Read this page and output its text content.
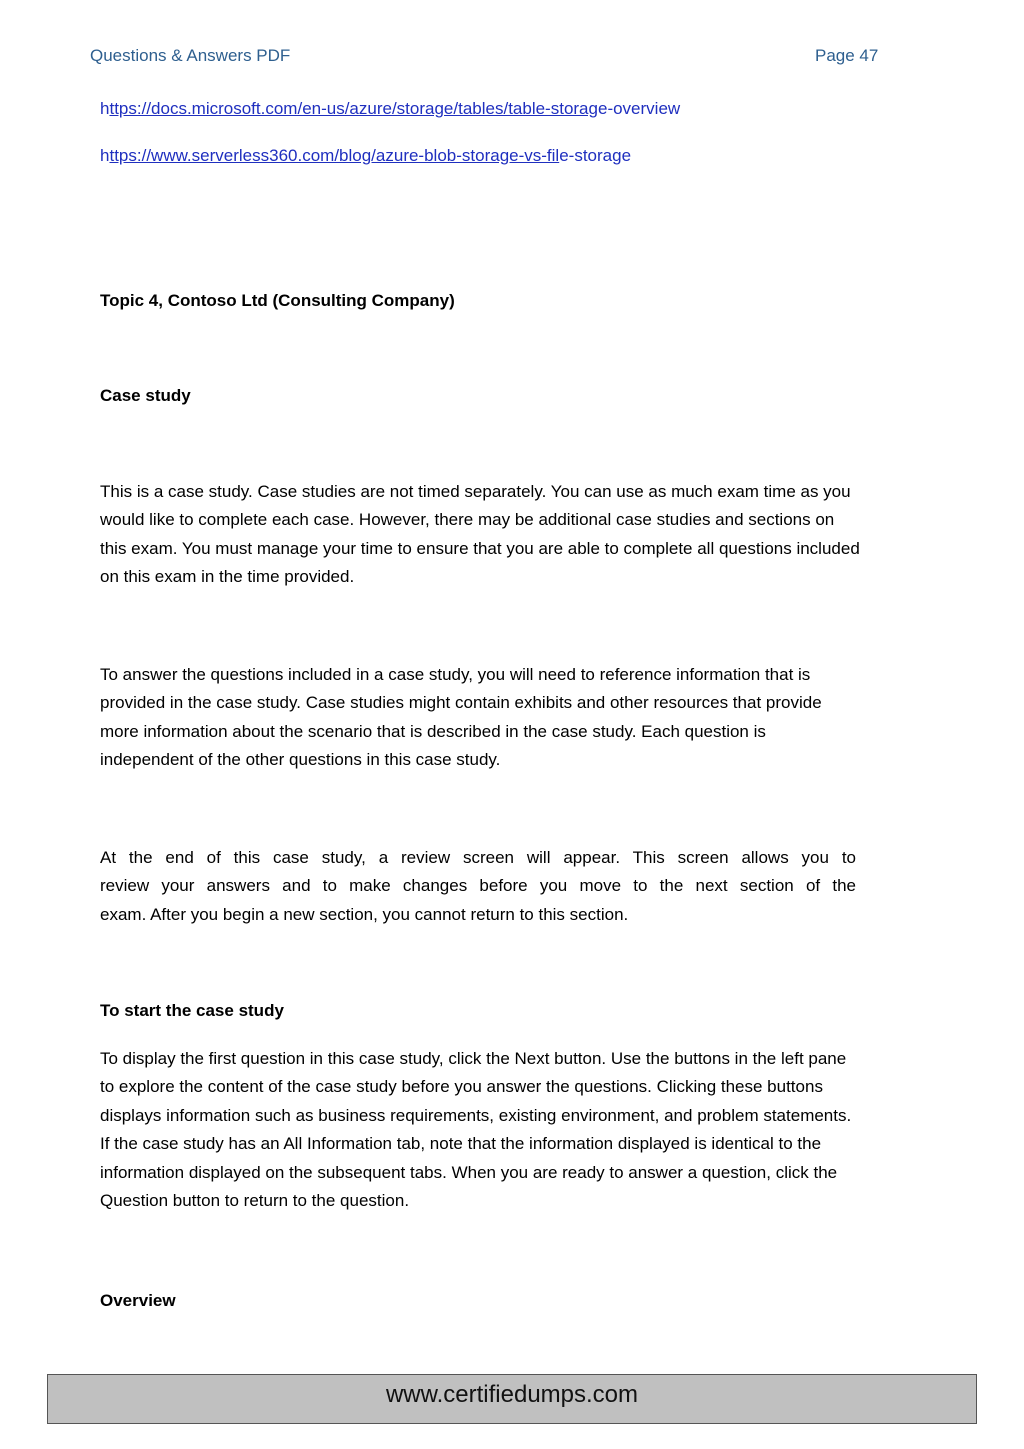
Questions & Answers PDF	Page 47
https://docs.microsoft.com/en-us/azure/storage/tables/table-storage-overview
https://www.serverless360.com/blog/azure-blob-storage-vs-file-storage
Topic 4, Contoso Ltd (Consulting Company)
Case study
This is a case study. Case studies are not timed separately. You can use as much exam time as you
would like to complete each case. However, there may be additional case studies and sections on
this exam. You must manage your time to ensure that you are able to complete all questions included
on this exam in the time provided.
To answer the questions included in a case study, you will need to reference information that is
provided in the case study. Case studies might contain exhibits and other resources that provide
more information about the scenario that is described in the case study. Each question is
independent of the other questions in this case study.
At the end of this case study, a review screen will appear. This screen allows you to
review your answers and to make changes before you move to the next section of the
exam. After you begin a new section, you cannot return to this section.
To start the case study
To display the first question in this case study, click the Next button. Use the buttons in the left pane
to explore the content of the case study before you answer the questions. Clicking these buttons
displays information such as business requirements, existing environment, and problem statements.
If the case study has an All Information tab, note that the information displayed is identical to the
information displayed on the subsequent tabs. When you are ready to answer a question, click the
Question button to return to the question.
Overview
www.certifiedumps.com
